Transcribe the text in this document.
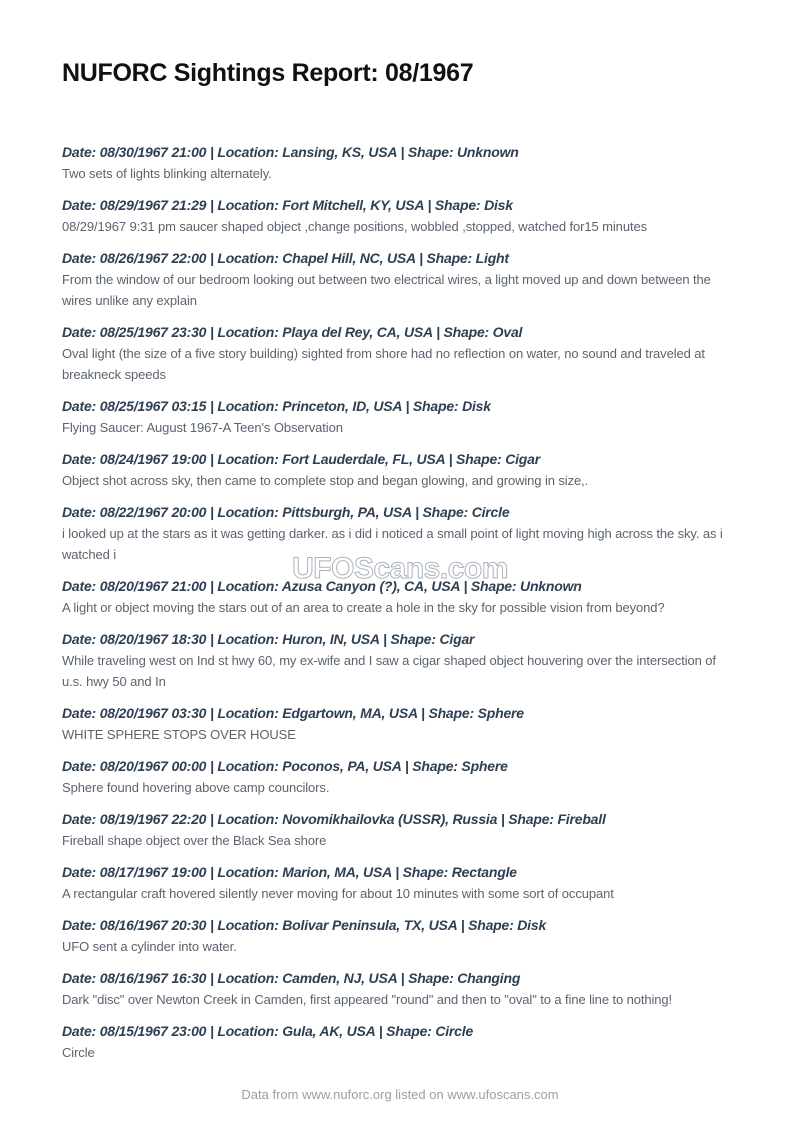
NUFORC Sightings Report: 08/1967
Date: 08/30/1967 21:00 | Location: Lansing, KS, USA | Shape: Unknown
Two sets of lights blinking alternately.
Date: 08/29/1967 21:29 | Location: Fort Mitchell, KY, USA | Shape: Disk
08/29/1967 9:31 pm saucer shaped object ,change positions, wobbled ,stopped, watched for15 minutes
Date: 08/26/1967 22:00 | Location: Chapel Hill, NC, USA | Shape: Light
From the window of our bedroom looking out between two electrical wires, a light moved up and down between the wires unlike any explain
Date: 08/25/1967 23:30 | Location: Playa del Rey, CA, USA | Shape: Oval
Oval light (the size of a five story building) sighted from shore had no reflection on water, no sound and traveled at breakneck speeds
Date: 08/25/1967 03:15 | Location: Princeton, ID, USA | Shape: Disk
Flying Saucer: August 1967-A Teen's Observation
Date: 08/24/1967 19:00 | Location: Fort Lauderdale, FL, USA | Shape: Cigar
Object shot across sky, then came to complete stop and began glowing, and growing in size,.
Date: 08/22/1967 20:00 | Location: Pittsburgh, PA, USA | Shape: Circle
i looked up at the stars as it was getting darker. as i did i noticed a small point of light moving high across the sky. as i watched i
Date: 08/20/1967 21:00 | Location: Azusa Canyon (?), CA, USA | Shape: Unknown
A light or object moving the stars out of an area to create a hole in the sky for possible vision from beyond?
Date: 08/20/1967 18:30 | Location: Huron, IN, USA | Shape: Cigar
While traveling west on Ind st hwy 60, my ex-wife and I saw a cigar shaped object houvering over the intersection of u.s. hwy 50 and In
Date: 08/20/1967 03:30 | Location: Edgartown, MA, USA | Shape: Sphere
WHITE SPHERE STOPS OVER HOUSE
Date: 08/20/1967 00:00 | Location: Poconos, PA, USA | Shape: Sphere
Sphere found hovering above camp councilors.
Date: 08/19/1967 22:20 | Location: Novomikhailovka (USSR), Russia | Shape: Fireball
Fireball shape object over the Black Sea shore
Date: 08/17/1967 19:00 | Location: Marion, MA, USA | Shape: Rectangle
A rectangular craft hovered silently never moving for about 10 minutes with some sort of occupant
Date: 08/16/1967 20:30 | Location: Bolivar Peninsula, TX, USA | Shape: Disk
UFO sent a cylinder into water.
Date: 08/16/1967 16:30 | Location: Camden, NJ, USA | Shape: Changing
Dark "disc" over Newton Creek in Camden, first appeared "round" and then to "oval" to a fine line to nothing!
Date: 08/15/1967 23:00 | Location: Gula, AK, USA | Shape: Circle
Circle
UFOScans.com
Data from www.nuforc.org listed on www.ufoscans.com
